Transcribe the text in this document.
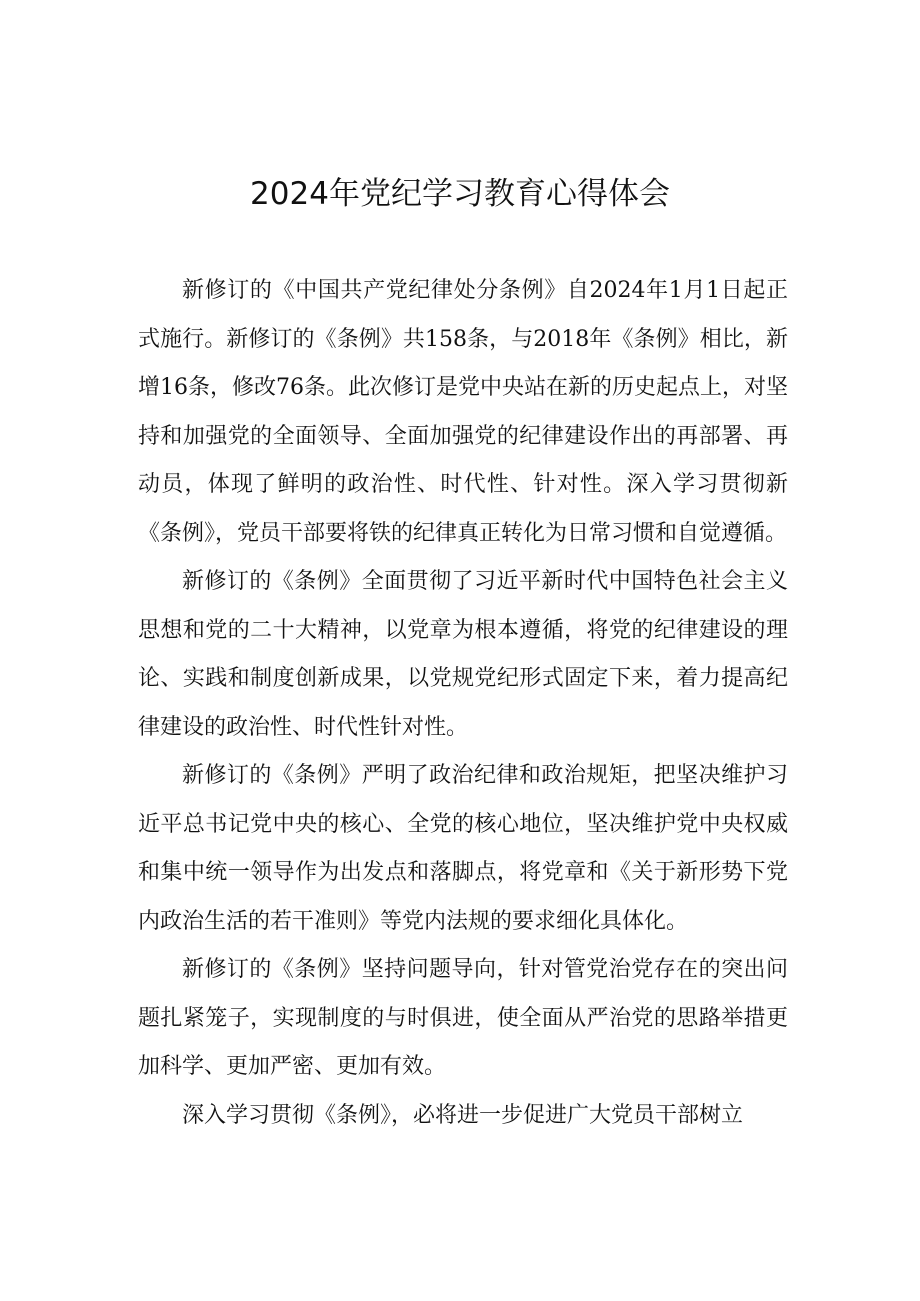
2024年党纪学习教育心得体会

新修订的《中国共产党纪律处分条例》自2024年1月1日起正式施行。新修订的《条例》共158条，与2018年《条例》相比，新增16条，修改76条。此次修订是党中央站在新的历史起点上，对坚持和加强党的全面领导、全面加强党的纪律建设作出的再部署、再动员，体现了鲜明的政治性、时代性、针对性。深入学习贯彻新《条例》，党员干部要将铁的纪律真正转化为日常习惯和自觉遵循。

新修订的《条例》全面贯彻了习近平新时代中国特色社会主义思想和党的二十大精神，以党章为根本遵循，将党的纪律建设的理论、实践和制度创新成果，以党规党纪形式固定下来，着力提高纪律建设的政治性、时代性针对性。

新修订的《条例》严明了政治纪律和政治规矩，把坚决维护习近平总书记党中央的核心、全党的核心地位，坚决维护党中央权威和集中统一领导作为出发点和落脚点，将党章和《关于新形势下党内政治生活的若干准则》等党内法规的要求细化具体化。

新修订的《条例》坚持问题导向，针对管党治党存在的突出问题扎紧笼子，实现制度的与时俱进，使全面从严治党的思路举措更加科学、更加严密、更加有效。

深入学习贯彻《条例》，必将进一步促进广大党员干部树立
